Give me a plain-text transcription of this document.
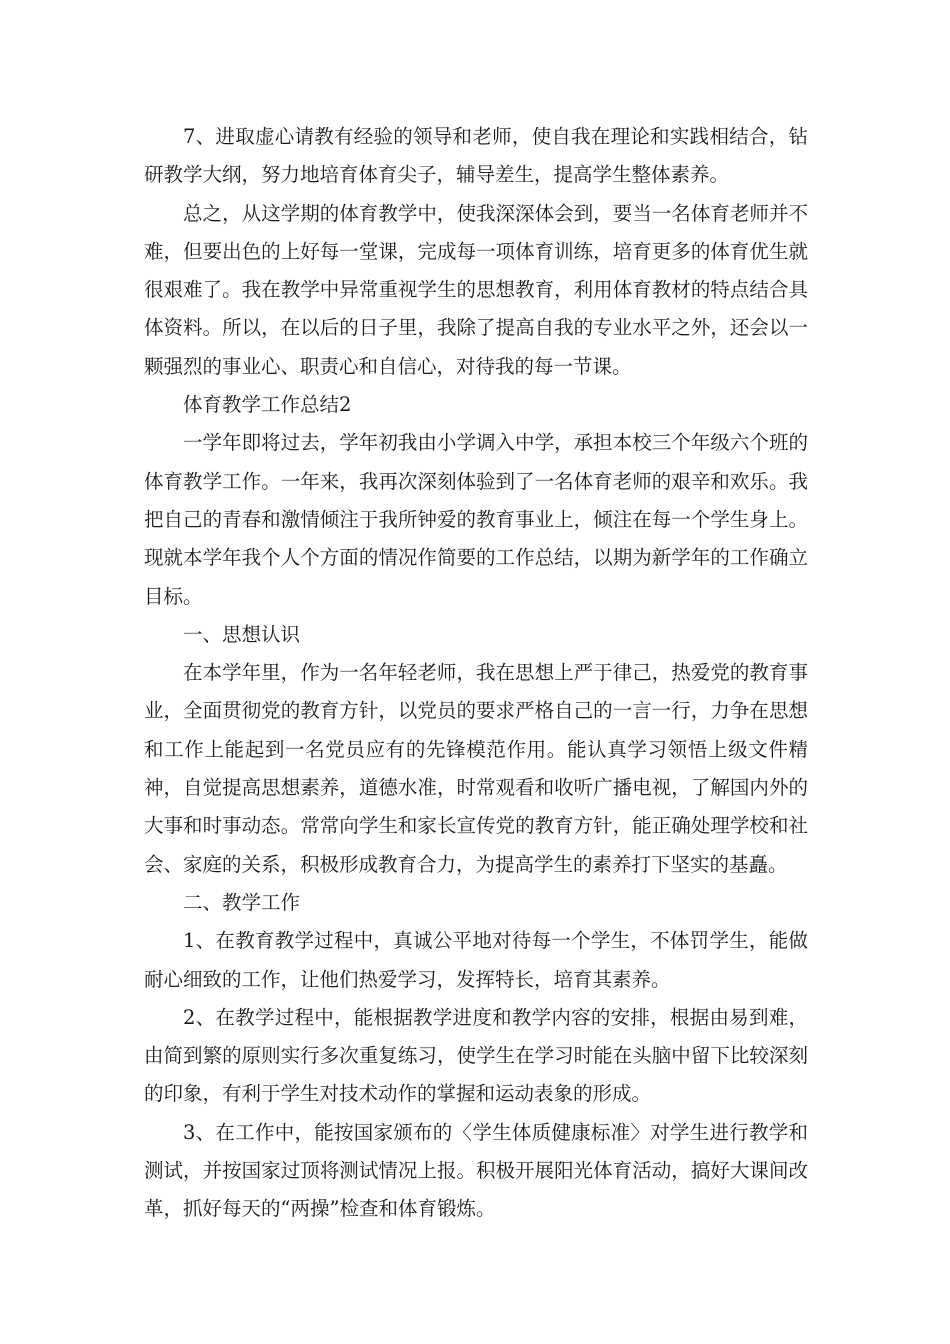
7、进取虚心请教有经验的领导和老师，使自我在理论和实践相结合，钻研教学大纲，努力地培育体育尖子，辅导差生，提高学生整体素养。

总之，从这学期的体育教学中，使我深深体会到，要当一名体育老师并不难，但要出色的上好每一堂课，完成每一项体育训练，培育更多的体育优生就很艰难了。我在教学中异常重视学生的思想教育，利用体育教材的特点结合具体资料。所以，在以后的日子里，我除了提高自我的专业水平之外，还会以一颗强烈的事业心、职责心和自信心，对待我的每一节课。

体育教学工作总结2

一学年即将过去，学年初我由小学调入中学，承担本校三个年级六个班的体育教学工作。一年来，我再次深刻体验到了一名体育老师的艰辛和欢乐。我把自己的青春和激情倾注于我所钟爱的教育事业上，倾注在每一个学生身上。现就本学年我个人个方面的情况作简要的工作总结，以期为新学年的工作确立目标。

一、思想认识

在本学年里，作为一名年轻老师，我在思想上严于律己，热爱党的教育事业，全面贯彻党的教育方针，以党员的要求严格自己的一言一行，力争在思想和工作上能起到一名党员应有的先锋模范作用。能认真学习领悟上级文件精神，自觉提高思想素养，道德水准，时常观看和收听广播电视，了解国内外的大事和时事动态。常常向学生和家长宣传党的教育方针，能正确处理学校和社会、家庭的关系，积极形成教育合力，为提高学生的素养打下坚实的基矗。

二、教学工作

1、在教育教学过程中，真诚公平地对待每一个学生，不体罚学生，能做耐心细致的工作，让他们热爱学习，发挥特长，培育其素养。

2、在教学过程中，能根据教学进度和教学内容的安排，根据由易到难，由简到繁的原则实行多次重复练习，使学生在学习时能在头脑中留下比较深刻的印象，有利于学生对技术动作的掌握和运动表象的形成。

3、在工作中，能按国家颁布的〈学生体质健康标准〉对学生进行教学和测试，并按国家过顶将测试情况上报。积极开展阳光体育活动，搞好大课间改革，抓好每天的“两操”检查和体育锻炼。
